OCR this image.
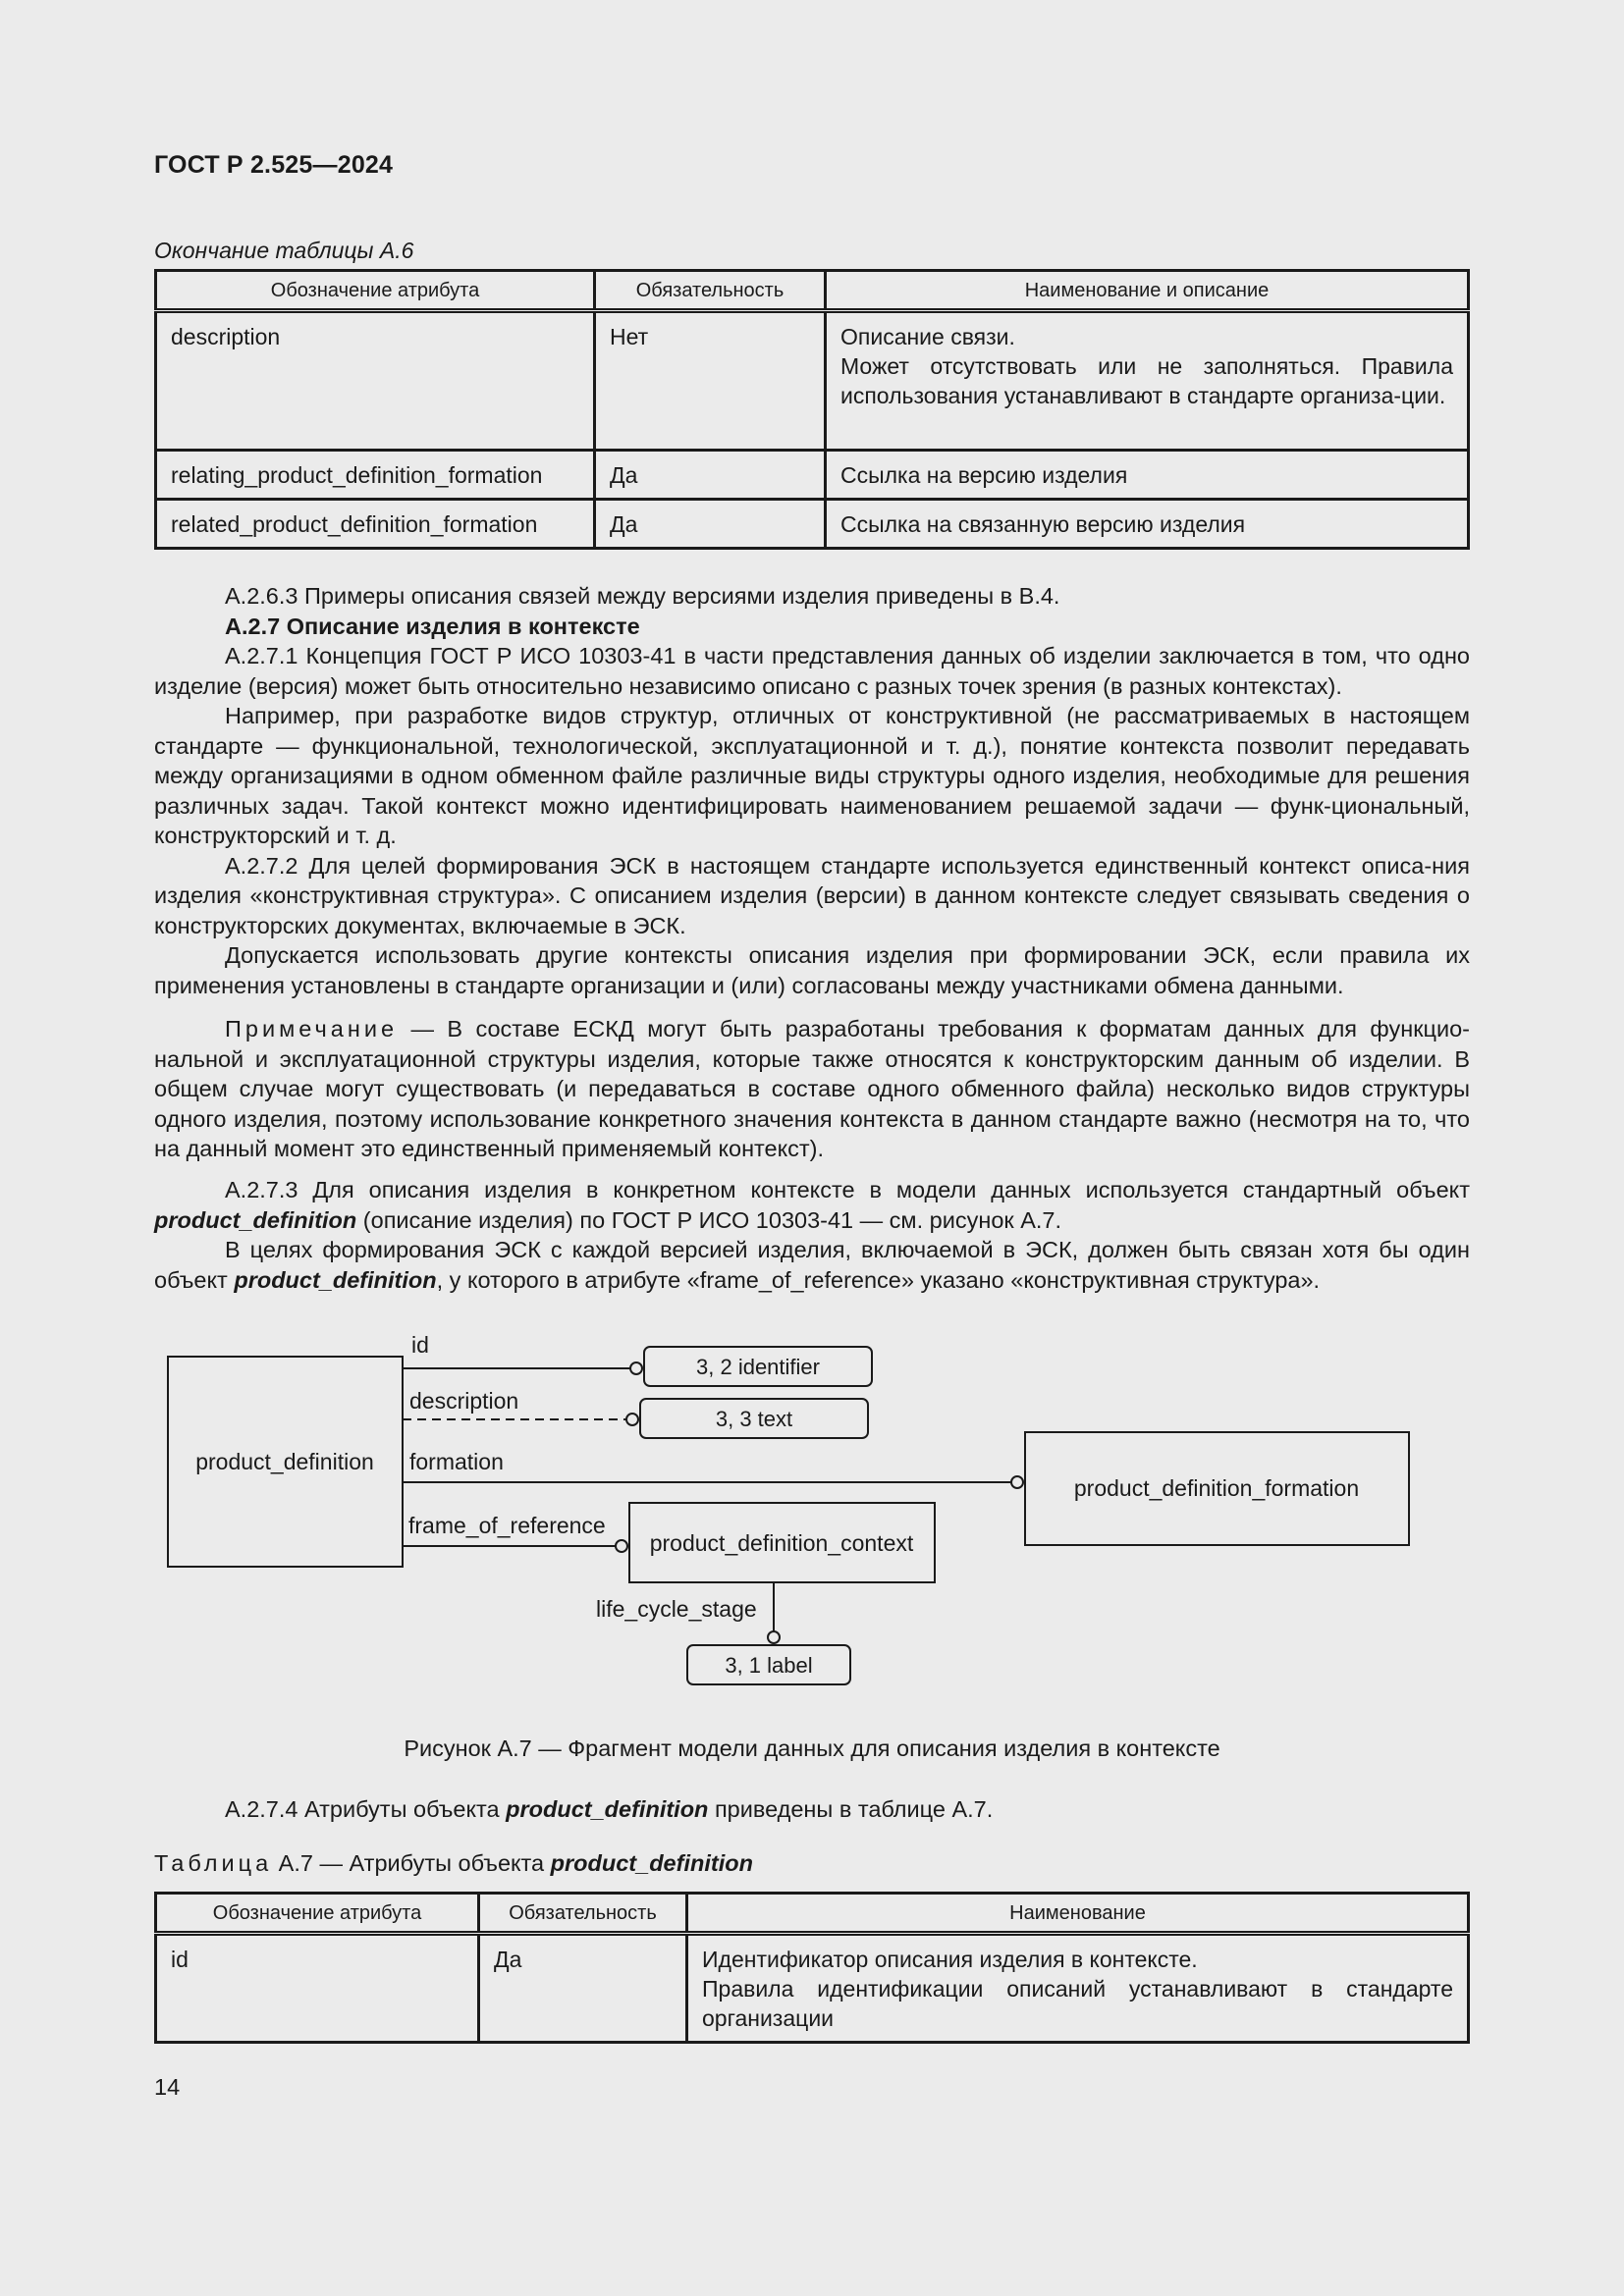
ГОСТ Р 2.525—2024
Окончание таблицы А.6
Обозначение атрибута	Обязательность	Наименование и описание
description	Нет	Описание связи.
Может отсутствовать или не заполняться. Правила использования устанавливают в стандарте организа-ции.

relating_product_definition_formation	Да	Ссылка на версию изделия
related_product_definition_formation	Да	Ссылка на связанную версию изделия

А.2.6.3 Примеры описания связей между версиями изделия приведены в В.4.

А.2.7 Описание изделия в контексте

А.2.7.1 Концепция ГОСТ Р ИСО 10303-41 в части представления данных об изделии заключается в том, что одно изделие (версия) может быть относительно независимо описано с разных точек зрения (в разных контекстах).

Например, при разработке видов структур, отличных от конструктивной (не рассматриваемых в настоящем стандарте — функциональной, технологической, эксплуатационной и т. д.), понятие контекста позволит передавать между организациями в одном обменном файле различные виды структуры одного изделия, необходимые для решения различных задач. Такой контекст можно идентифицировать наименованием решаемой задачи — функ-циональный, конструкторский и т. д.

А.2.7.2 Для целей формирования ЭСК в настоящем стандарте используется единственный контекст описа-ния изделия «конструктивная структура». С описанием изделия (версии) в данном контексте следует связывать сведения о конструкторских документах, включаемые в ЭСК.

Допускается использовать другие контексты описания изделия при формировании ЭСК, если правила их применения установлены в стандарте организации и (или) согласованы между участниками обмена данными.

Примечание — В составе ЕСКД могут быть разработаны требования к форматам данных для функцио-нальной и эксплуатационной структуры изделия, которые также относятся к конструкторским данным об изделии. В общем случае могут существовать (и передаваться в составе одного обменного файла) несколько видов структуры одного изделия, поэтому использование конкретного значения контекста в данном стандарте важно (несмотря на то, что на данный момент это единственный применяемый контекст).

А.2.7.3 Для описания изделия в конкретном контексте в модели данных используется стандартный объект product_definition (описание изделия) по ГОСТ Р ИСО 10303-41 — см. рисунок А.7.

В целях формирования ЭСК с каждой версией изделия, включаемой в ЭСК, должен быть связан хотя бы один объект product_definition, у которого в атрибуте «frame_of_reference» указано «конструктивная структура».

Рисунок А.7 — Фрагмент модели данных для описания изделия в контексте
А.2.7.4 Атрибуты объекта product_definition приведены в таблице А.7.
Таблица А.7 — Атрибуты объекта product_definition
Обозначение атрибута	Обязательность	Наименование
id	Да	Идентификатор описания изделия в контексте.
Правила идентификации описаний устанавливают в стандарте организации
14
product_definition
id
3, 2 identifier
description
3, 3 text
formation
product_definition_formation
frame_of_reference
product_definition_context
life_cycle_stage
3, 1 label
